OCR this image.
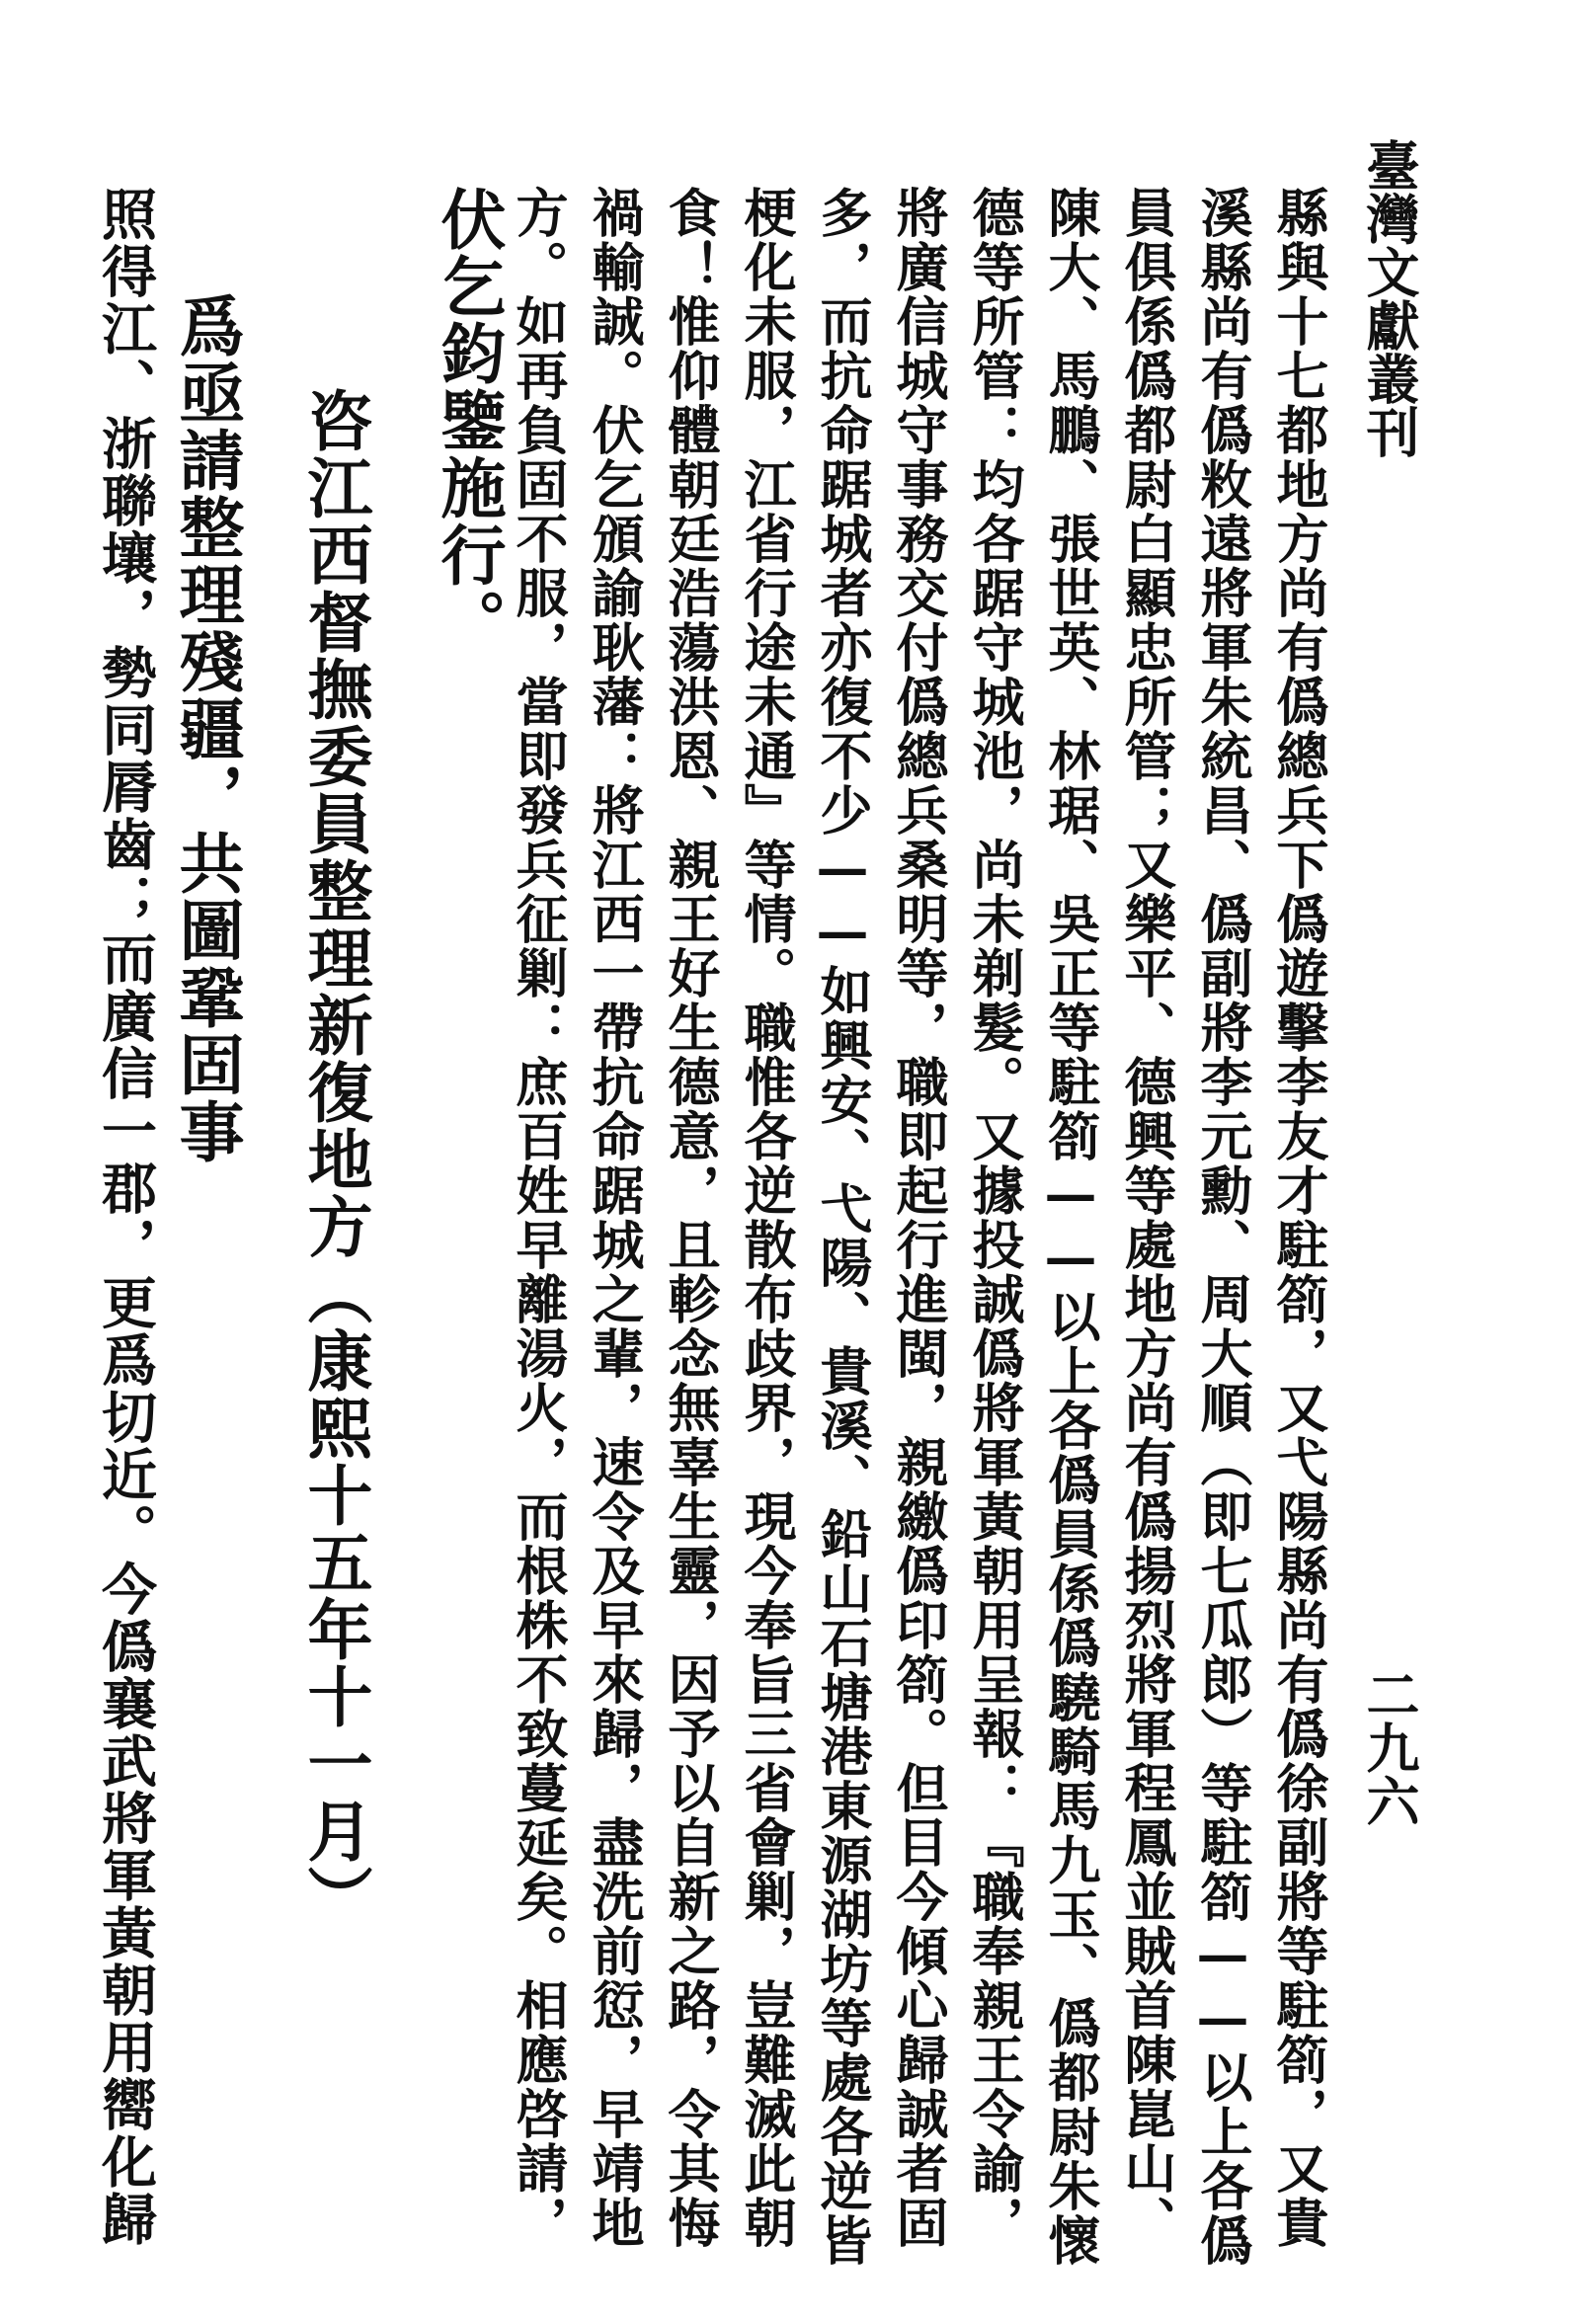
臺灣文獻叢刊
二九六
縣與十七都地方尚有僞總兵下僞遊擊李友才駐箚，又弋陽縣尚有僞徐副將等駐箚，又貴
溪縣尚有僞敉遠將軍朱統昌、僞副將李元勳、周大順（即七瓜郎）等駐箚——以上各僞
員俱係僞都尉白顯忠所管；又樂平、德興等處地方尚有僞揚烈將軍程鳳並賊首陳崑山、
陳大、馬鵬、張世英、林琚、吳正等駐箚——以上各僞員係僞驍騎馬九玉、僞都尉朱懷
德等所管：均各踞守城池，尚未剃髮。又據投誠僞將軍黃朝用呈報：『職奉親王令諭，
將廣信城守事務交付僞總兵桑明等，職即起行進閩，親繳僞印箚。但目今傾心歸誠者固
多，而抗命踞城者亦復不少——如興安、弋陽、貴溪、鉛山石塘港東源湖坊等處各逆皆
梗化未服，江省行途未通』等情。職惟各逆散布歧界，現今奉旨三省會剿，豈難滅此朝
食！惟仰體朝廷浩蕩洪恩、親王好生德意，且軫念無辜生靈，因予以自新之路，令其悔
禍輸誠。伏乞頒諭耿藩：將江西一帶抗命踞城之輩，速令及早來歸，盡洗前愆，早靖地
方。如再負固不服，當即發兵征剿：庶百姓早離湯火，而根株不致蔓延矣。相應啓請，
伏乞鈞鑒施行。
咨江西督撫委員整理新復地方（康熙十五年十一月）
爲亟請整理殘疆，共圖鞏固事
照得江、浙聯壤，勢同脣齒；而廣信一郡，更爲切近。今僞襄武將軍黃朝用嚮化歸
